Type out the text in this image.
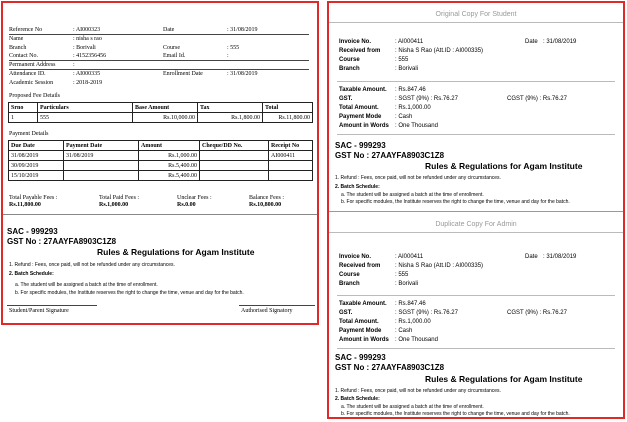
Reference No	: AI000323	Date	: 31/08/2019
Name	: nisha s rao
Branch	: Borivali	Course	: 555
Contact No.	: 4152356456	Email Id.	:
Permanent Address	:
Attendance ID.	: AI000335	Enrollment Date	: 31/08/2019
Academic Session	: 2018-2019
Proposed Fee Details
Srno	Particulars	Base Amount	Tax	Total
1	555	Rs.10,000.00	Rs.1,800.00	Rs.11,800.00
Payment Details
Due Date	Payment Date	Amount	Cheque/DD No.	Receipt No
31/08/2019	31/08/2019	Rs.1,000.00		AI000411
30/09/2019		Rs.5,400.00		
15/10/2019		Rs.5,400.00		
Total Payable Fees :
Rs.11,800.00
Total Paid Fees :
Rs.1,000.00
Unclear Fees :
Rs.0.00
Balance Fees :
Rs.10,800.00
SAC - 999293
GST No : 27AAYFA8903C1Z8
Rules & Regulations for Agam Institute
1. Refund : Fees, once paid, will not be refunded under any circumstances.
2. Batch Schedule:
a. The student will be assigned a batch at the time of enrollment.
b. For specific modules, the Institute reserves the right to change the time, venue and day for the batch.
Student/Parent Signature	Authorised Signatory
Original Copy For Student
Invoice No.	: AI000411	Date : 31/08/2019
Received from : Nisha S Rao (Att.ID : AI000335)
Course	: 555
Branch	: Borivali
Taxable Amount. : Rs.847.46
GST.	: SGST (9%) : Rs.76.27	CGST (9%) : Rs.76.27
Total Amount.	: Rs.1,000.00
Payment Mode : Cash
Amount in Words : One Thousand
SAC - 999293
GST No : 27AAYFA8903C1Z8
Rules & Regulations for Agam Institute
1. Refund : Fees, once paid, will not be refunded under any circumstances.
2. Batch Schedule:
a. The student will be assigned a batch at the time of enrollment.
b. For specific modules, the Institute reserves the right to change the time, venue and day for the batch.
Duplicate Copy For Admin
Invoice No.	: AI000411	Date : 31/08/2019
Received from : Nisha S Rao (Att.ID : AI000335)
Course	: 555
Branch	: Borivali
Taxable Amount. : Rs.847.46
GST.	: SGST (9%) : Rs.76.27	CGST (9%) : Rs.76.27
Total Amount.	: Rs.1,000.00
Payment Mode : Cash
Amount in Words : One Thousand
SAC - 999293
GST No : 27AAYFA8903C1Z8
Rules & Regulations for Agam Institute
1. Refund : Fees, once paid, will not be refunded under any circumstances.
2. Batch Schedule:
a. The student will be assigned a batch at the time of enrollment.
b. For specific modules, the Institute reserves the right to change the time, venue and day for the batch.
